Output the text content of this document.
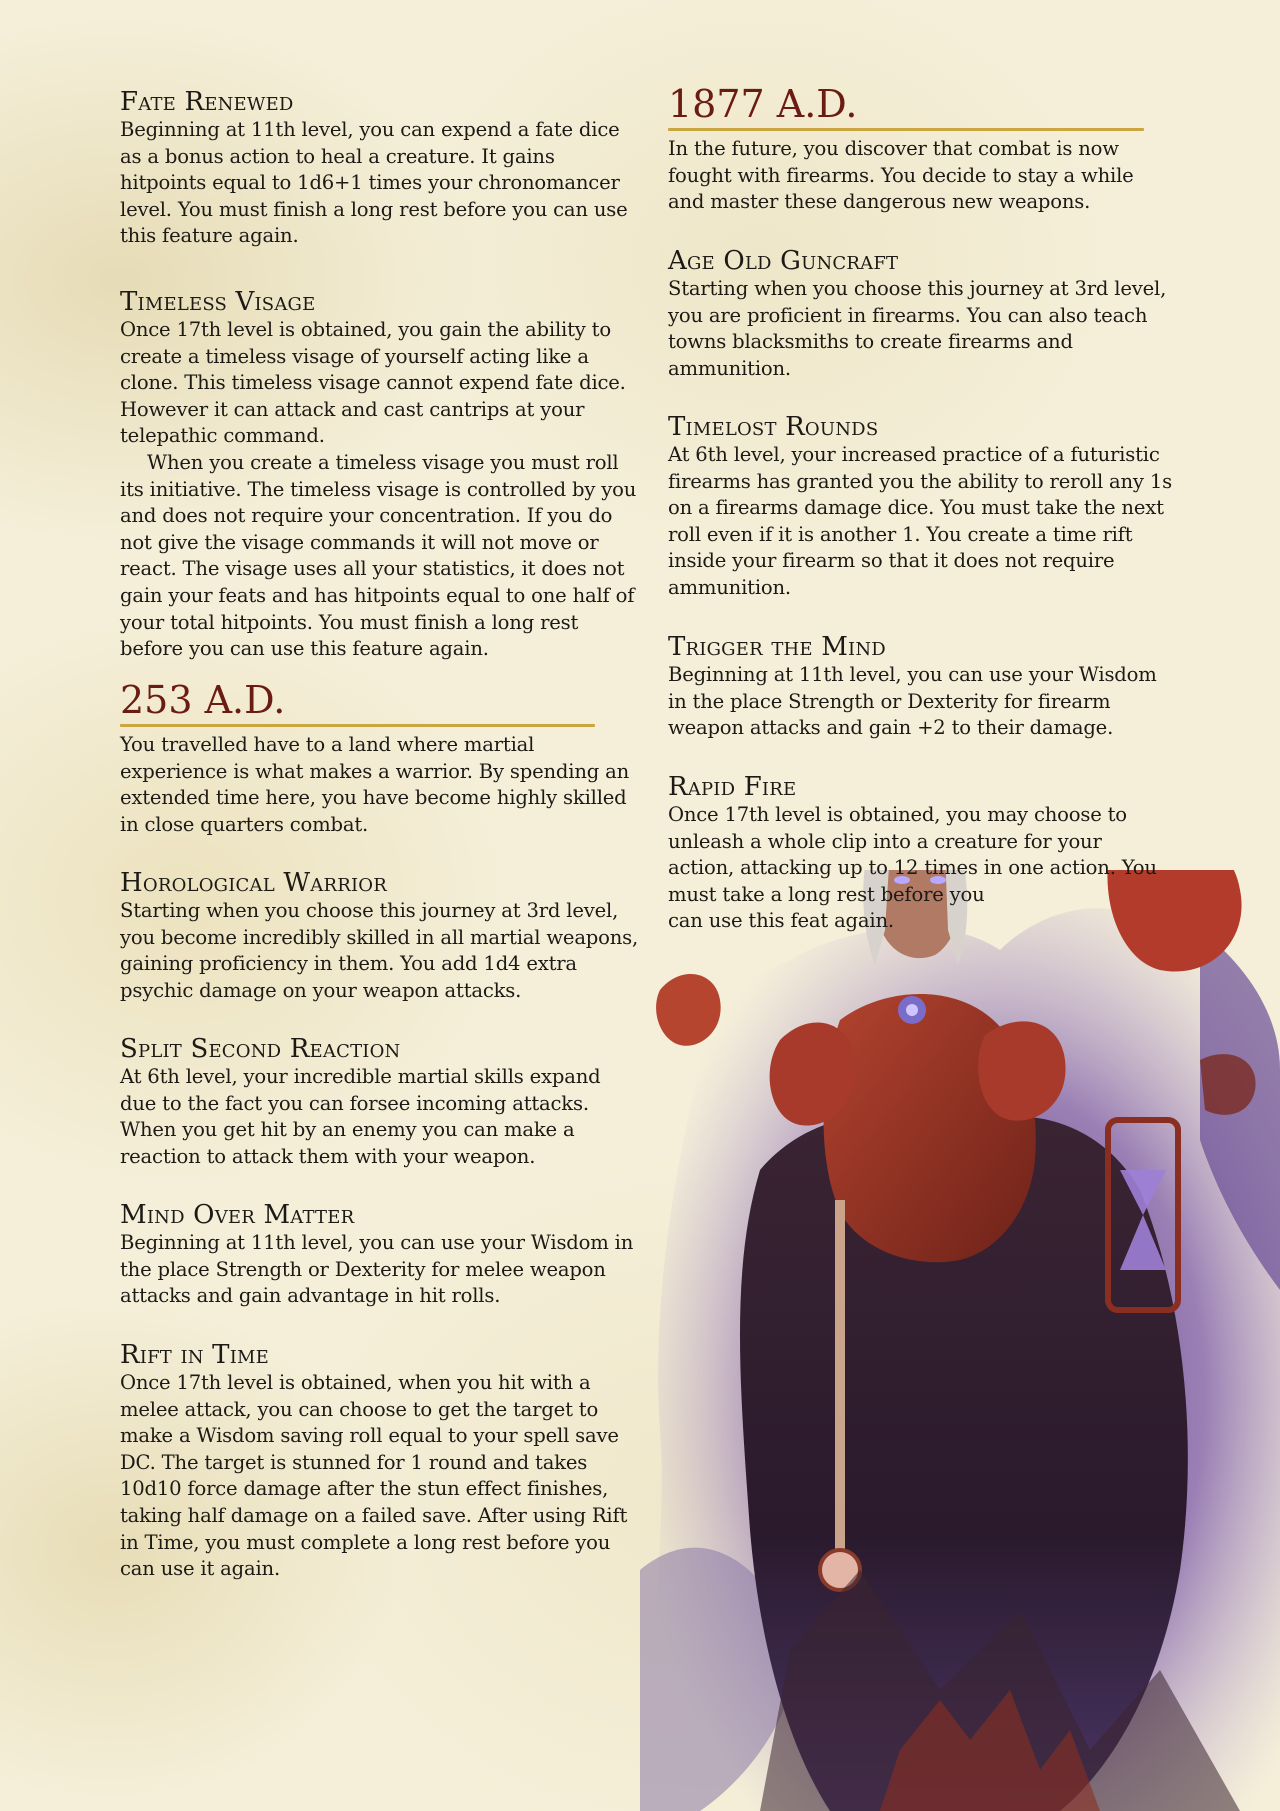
Fate Renewed

Beginning at 11th level, you can expend a fate dice as a bonus action to heal a creature. It gains hitpoints equal to 1d6+1 times your chronomancer level. You must finish a long rest before you can use this feature again.

Timeless Visage

Once 17th level is obtained, you gain the ability to create a timeless visage of yourself acting like a clone. This timeless visage cannot expend fate dice. However it can attack and cast cantrips at your telepathic command.

When you create a timeless visage you must roll its initiative. The timeless visage is controlled by you and does not require your concentration. If you do not give the visage commands it will not move or react. The visage uses all your statistics, it does not gain your feats and has hitpoints equal to one half of your total hitpoints. You must finish a long rest before you can use this feature again.

253 A.D.

You travelled have to a land where martial experience is what makes a warrior. By spending an extended time here, you have become highly skilled in close quarters combat.

Horological Warrior

Starting when you choose this journey at 3rd level, you become incredibly skilled in all martial weapons, gaining proficiency in them. You add 1d4 extra psychic damage on your weapon attacks.

Split Second Reaction

At 6th level, your incredible martial skills expand due to the fact you can forsee incoming attacks. When you get hit by an enemy you can make a reaction to attack them with your weapon.

Mind Over Matter

Beginning at 11th level, you can use your Wisdom in the place Strength or Dexterity for melee weapon attacks and gain advantage in hit rolls.

Rift in Time

Once 17th level is obtained, when you hit with a melee attack, you can choose to get the target to make a Wisdom saving roll equal to your spell save DC. The target is stunned for 1 round and takes 10d10 force damage after the stun effect finishes, taking half damage on a failed save. After using Rift in Time, you must complete a long rest before you can use it again.

1877 A.D.

In the future, you discover that combat is now fought with firearms. You decide to stay a while and master these dangerous new weapons.

Age Old Guncraft

Starting when you choose this journey at 3rd level, you are proficient in firearms. You can also teach towns blacksmiths to create firearms and ammunition.

Timelost Rounds

At 6th level, your increased practice of a futuristic firearms has granted you the ability to reroll any 1s on a firearms damage dice. You must take the next roll even if it is another 1. You create a time rift inside your firearm so that it does not require ammunition.

Trigger the Mind

Beginning at 11th level, you can use your Wisdom in the place Strength or Dexterity for firearm weapon attacks and gain +2 to their damage.

Rapid Fire

Once 17th level is obtained, you may choose to unleash a whole clip into a creature for your action, attacking up to 12 times in one action. You must take a long rest before you

can use this feat again.
